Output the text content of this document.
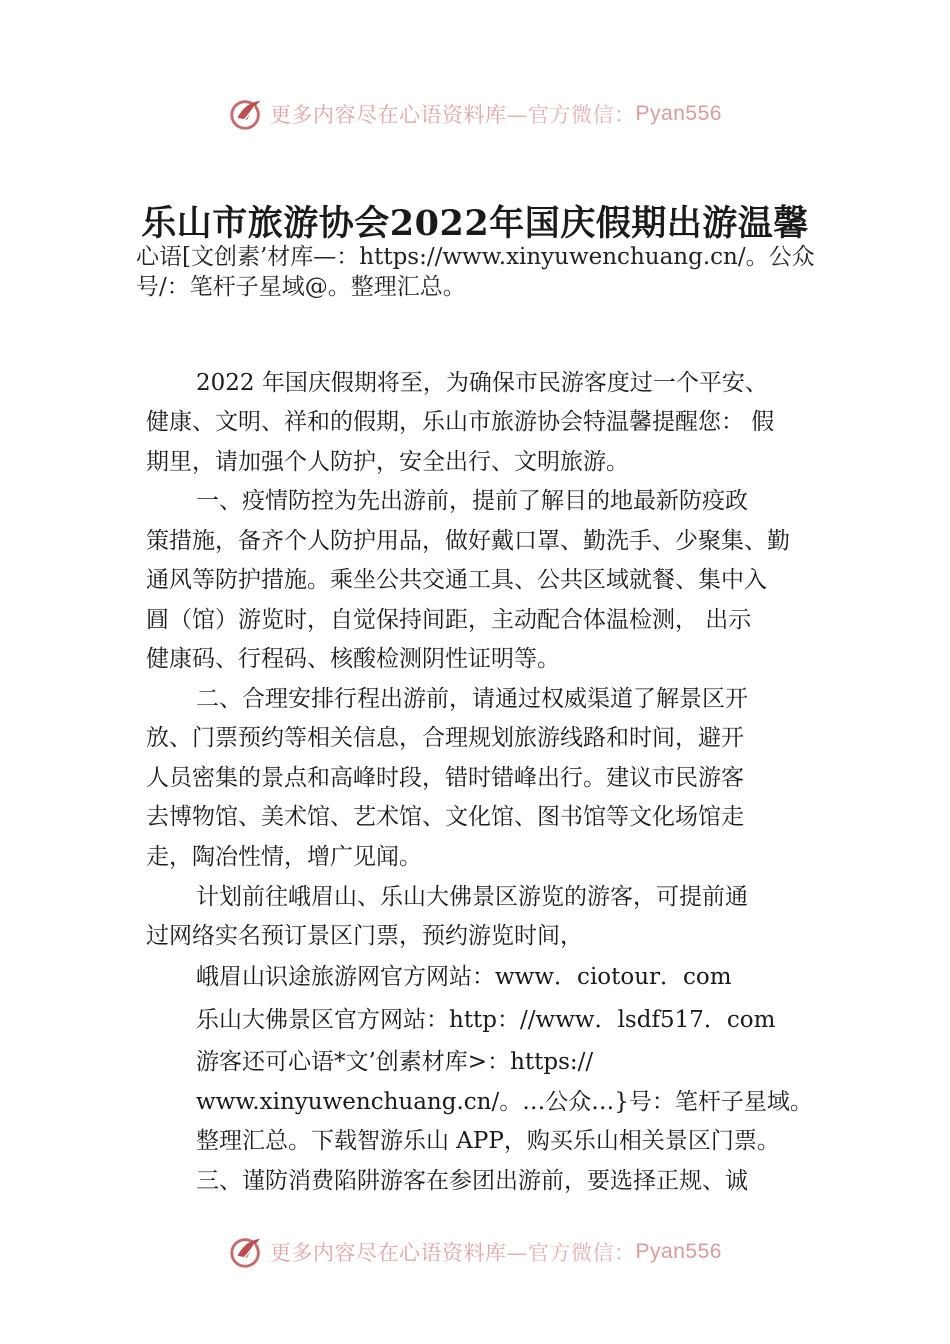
更多内容尽在心语资料库 —官方微信： Pyan556
乐山市旅游协会2022年国庆假期出游温馨
心语[文创素’材库—：https://www.xinyuwenchuang.cn/。公众号/：笔杆子星域@。整理汇总。
2022 年国庆假期将至，为确保市民游客度过一个平安、
健康、文明、祥和的假期，乐山市旅游协会特温馨提醒您： 假
期里，请加强个人防护，安全出行、文明旅游。
一、疫情防控为先出游前，提前了解目的地最新防疫政
策措施，备齐个人防护用品，做好戴口罩、勤洗手、少聚集、勤
通风等防护措施。乘坐公共交通工具、公共区域就餐、集中入
㘣（馆）游览时，自觉保持间距，主动配合体温检测， 出示
健康码、行程码、核酸检测阴性证明等。
二、合理安排行程出游前，请通过权威渠道了解景区开
放、门票预约等相关信息，合理规划旅游线路和时间，避开
人员密集的景点和高峰时段，错时错峰出行。建议市民游客
去博物馆、美术馆、艺术馆、文化馆、图书馆等文化场馆走
走，陶冶性情，增广见闻。
计划前往峨眉山、乐山大佛景区游览的游客，可提前通
过网络实名预订景区门票，预约游览时间，
峨眉山识途旅游网官方网站：www．ciotour．com
乐山大佛景区官方网站：http：//www．lsdf517．com
游客还可心语*文’创素材库>：https://
www.xinyuwenchuang.cn/。…公众…}号：笔杆子星域。
整理汇总。下载智游乐山 APP，购买乐山相关景区门票。
三、谨防消费陷阱游客在参团出游前，要选择正规、诚
更多内容尽在心语资料库 —官方微信： Pyan556
